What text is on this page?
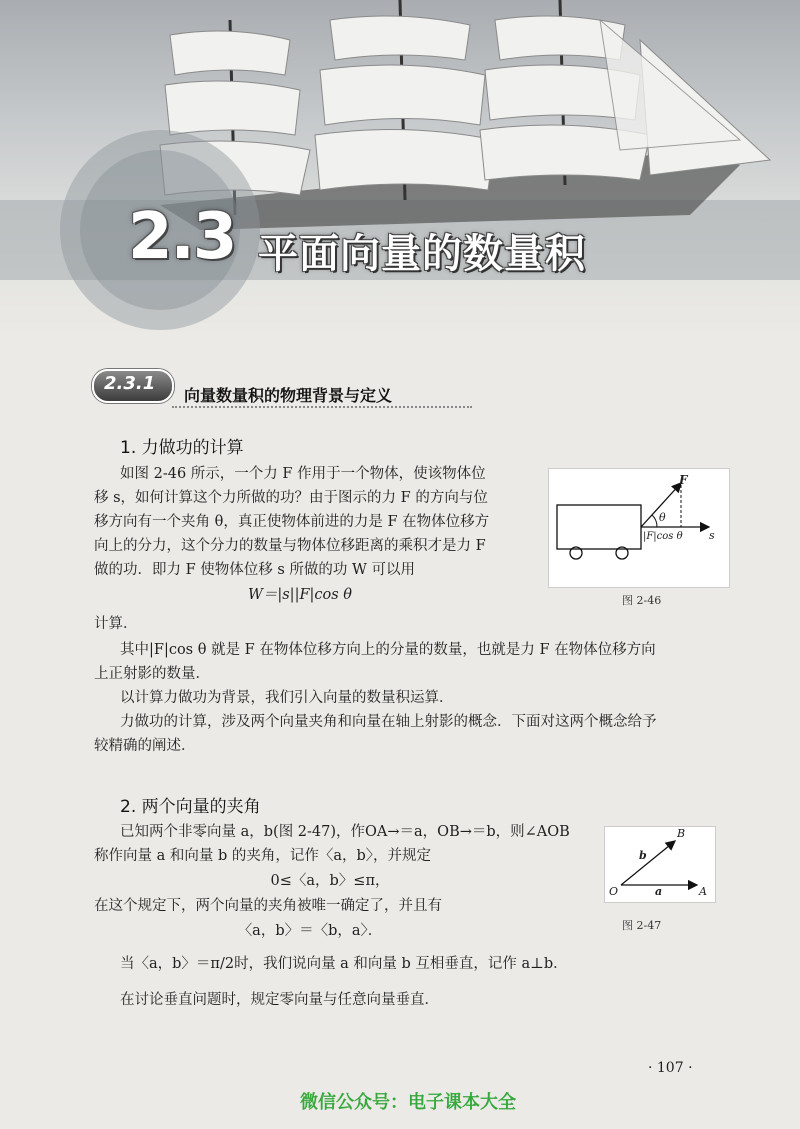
2.3 平面向量的数量积
2.3.1
向量数量积的物理背景与定义
1. 力做功的计算
如图 2-46 所示，一个力 F 作用于一个物体，使该物体位
移 s，如何计算这个力所做的功？由于图示的力 F 的方向与位
移方向有一个夹角 θ，真正使物体前进的力是 F 在物体位移方
向上的分力，这个分力的数量与物体位移距离的乘积才是力 F
做的功．即力 F 使物体位移 s 所做的功 W 可以用
W＝|s||F|cos θ
计算．
F
θ
|F|cos θ s
图 2-46
其中|F|cos θ 就是 F 在物体位移方向上的分量的数量，也就是力 F 在物体位移方向
上正射影的数量．
以计算力做功为背景，我们引入向量的数量积运算．
力做功的计算，涉及两个向量夹角和向量在轴上射影的概念．下面对这两个概念给予
较精确的阐述．
2. 两个向量的夹角
已知两个非零向量 a，b(图 2-47)，作OA→＝a，OB→＝b，则∠AOB
称作向量 a 和向量 b 的夹角，记作〈a，b〉，并规定
0≤〈a，b〉≤π，
在这个规定下，两个向量的夹角被唯一确定了，并且有
〈a，b〉＝〈b，a〉．
当〈a，b〉＝π/2时，我们说向量 a 和向量 b 互相垂直，记作 a⊥b．
在讨论垂直问题时，规定零向量与任意向量垂直．
B
b
O	a	A
图 2-47
· 107 ·
微信公众号：电子课本大全
